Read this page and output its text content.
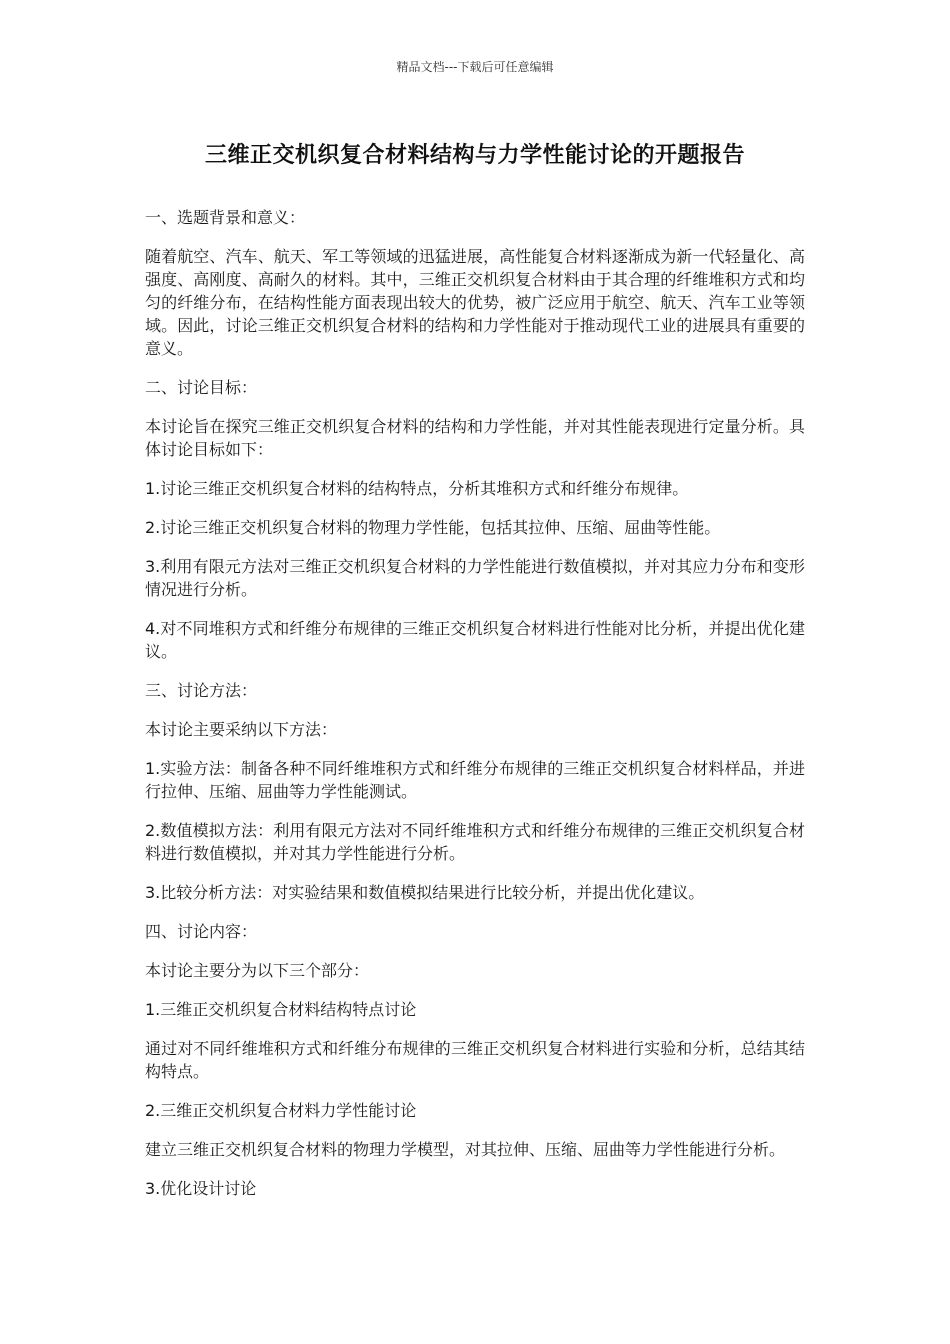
精品文档---下载后可任意编辑
三维正交机织复合材料结构与力学性能讨论的开题报告

一、选题背景和意义：

随着航空、汽车、航天、军工等领域的迅猛进展，高性能复合材料逐渐成为新一代轻量化、高强度、高刚度、高耐久的材料。其中，三维正交机织复合材料由于其合理的纤维堆积方式和均匀的纤维分布，在结构性能方面表现出较大的优势，被广泛应用于航空、航天、汽车工业等领域。因此，讨论三维正交机织复合材料的结构和力学性能对于推动现代工业的进展具有重要的意义。

二、讨论目标：

本讨论旨在探究三维正交机织复合材料的结构和力学性能，并对其性能表现进行定量分析。具体讨论目标如下：

1.讨论三维正交机织复合材料的结构特点，分析其堆积方式和纤维分布规律。

2.讨论三维正交机织复合材料的物理力学性能，包括其拉伸、压缩、屈曲等性能。

3.利用有限元方法对三维正交机织复合材料的力学性能进行数值模拟，并对其应力分布和变形情况进行分析。

4.对不同堆积方式和纤维分布规律的三维正交机织复合材料进行性能对比分析，并提出优化建议。

三、讨论方法：

本讨论主要采纳以下方法：

1.实验方法：制备各种不同纤维堆积方式和纤维分布规律的三维正交机织复合材料样品，并进行拉伸、压缩、屈曲等力学性能测试。

2.数值模拟方法：利用有限元方法对不同纤维堆积方式和纤维分布规律的三维正交机织复合材料进行数值模拟，并对其力学性能进行分析。

3.比较分析方法：对实验结果和数值模拟结果进行比较分析，并提出优化建议。

四、讨论内容：

本讨论主要分为以下三个部分：

1.三维正交机织复合材料结构特点讨论

通过对不同纤维堆积方式和纤维分布规律的三维正交机织复合材料进行实验和分析，总结其结构特点。

2.三维正交机织复合材料力学性能讨论

建立三维正交机织复合材料的物理力学模型，对其拉伸、压缩、屈曲等力学性能进行分析。

3.优化设计讨论
